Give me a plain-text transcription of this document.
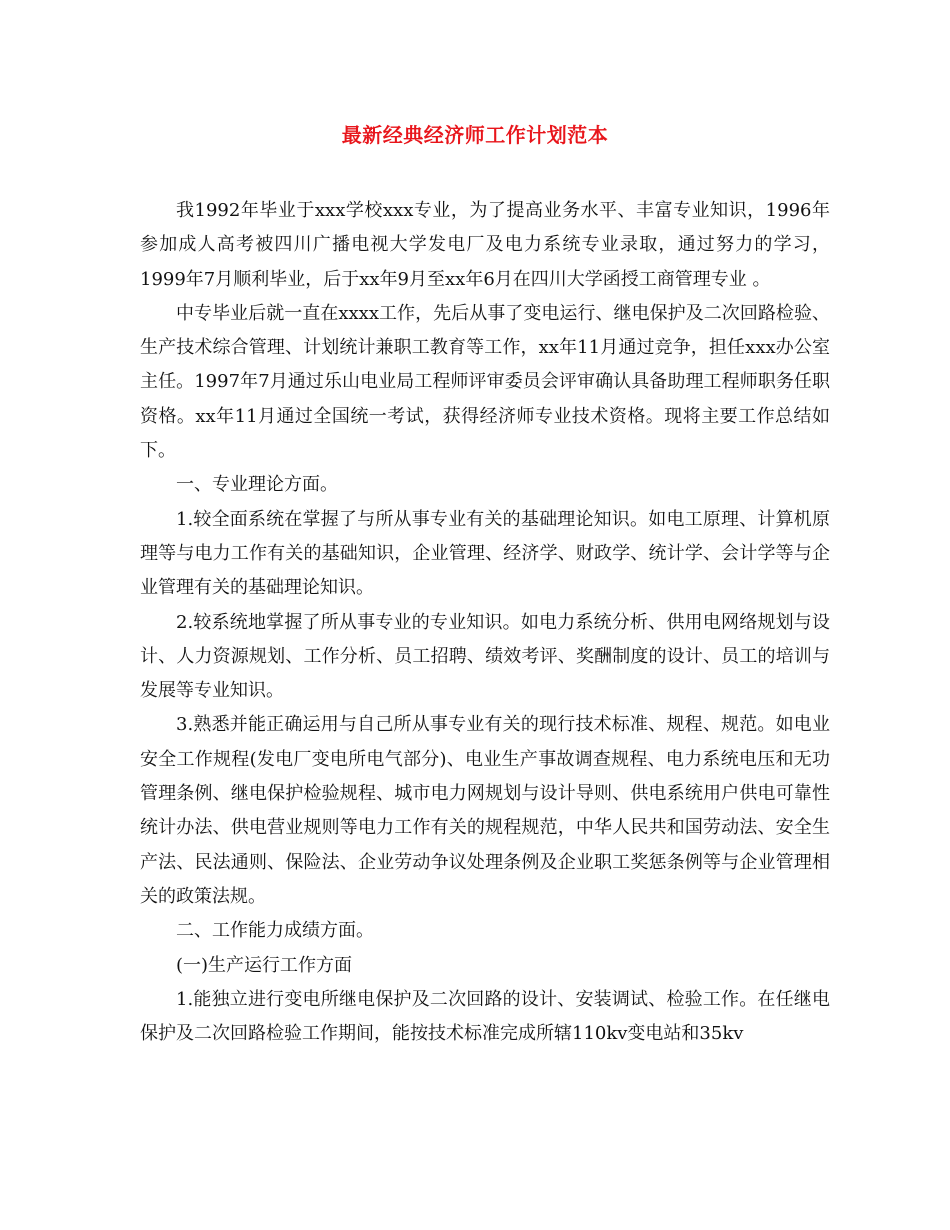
最新经典经济师工作计划范本

我1992年毕业于xxx学校xxx专业，为了提高业务水平、丰富专业知识，1996年参加成人高考被四川广播电视大学发电厂及电力系统专业录取，通过努力的学习，1999年7月顺利毕业，后于xx年9月至xx年6月在四川大学函授工商管理专业 。

中专毕业后就一直在xxxx工作，先后从事了变电运行、继电保护及二次回路检验、生产技术综合管理、计划统计兼职工教育等工作，xx年11月通过竞争，担任xxx办公室主任。1997年7月通过乐山电业局工程师评审委员会评审确认具备助理工程师职务任职资格。xx年11月通过全国统一考试，获得经济师专业技术资格。现将主要工作总结如下。

一、专业理论方面。

1.较全面系统在掌握了与所从事专业有关的基础理论知识。如电工原理、计算机原理等与电力工作有关的基础知识，企业管理、经济学、财政学、统计学、会计学等与企业管理有关的基础理论知识。

2.较系统地掌握了所从事专业的专业知识。如电力系统分析、供用电网络规划与设计、人力资源规划、工作分析、员工招聘、绩效考评、奖酬制度的设计、员工的培训与发展等专业知识。

3.熟悉并能正确运用与自己所从事专业有关的现行技术标准、规程、规范。如电业安全工作规程(发电厂变电所电气部分)、电业生产事故调查规程、电力系统电压和无功管理条例、继电保护检验规程、城市电力网规划与设计导则、供电系统用户供电可靠性统计办法、供电营业规则等电力工作有关的规程规范，中华人民共和国劳动法、安全生产法、民法通则、保险法、企业劳动争议处理条例及企业职工奖惩条例等与企业管理相关的政策法规。

二、工作能力成绩方面。

(一)生产运行工作方面

1.能独立进行变电所继电保护及二次回路的设计、安装调试、检验工作。在任继电保护及二次回路检验工作期间，能按技术标准完成所辖110kv变电站和35kv
